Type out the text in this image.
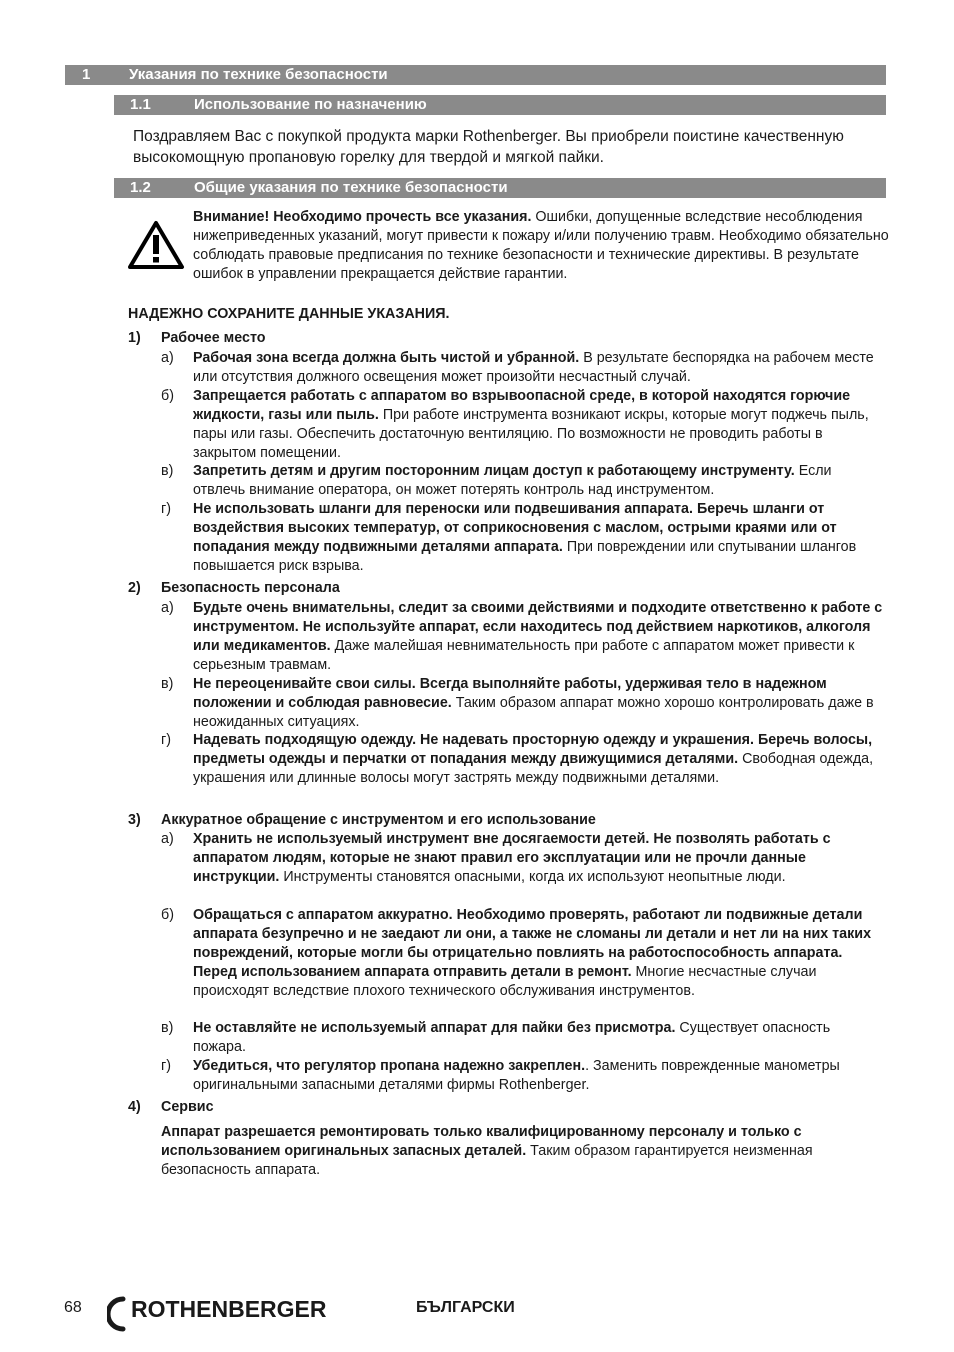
1	Указания по технике безопасности
1.1	Использование по назначению
Поздравляем Вас с покупкой продукта марки Rothenberger. Вы приобрели поистине качественную высокомощную пропановую горелку для твердой и мягкой пайки.
1.2	Общие указания по технике безопасности
Внимание! Необходимо прочесть все указания. Ошибки, допущенные вследствие несоблюдения нижеприведенных указаний, могут привести к пожару и/или получению травм. Необходимо обязательно соблюдать правовые предписания по технике безопасности и технические директивы. В результате ошибок в управлении прекращается действие гарантии.
НАДЕЖНО СОХРАНИТЕ ДАННЫЕ УКАЗАНИЯ.
1) Рабочее место
а) Рабочая зона всегда должна быть чистой и убранной. В результате беспорядка на рабочем месте или отсутствия должного освещения может произойти несчастный случай.
б) Запрещается работать с аппаратом во взрывоопасной среде, в которой находятся горючие жидкости, газы или пыль. При работе инструмента возникают искры, которые могут поджечь пыль, пары или газы. Обеспечить достаточную вентиляцию. По возможности не проводить работы в закрытом помещении.
в) Запретить детям и другим посторонним лицам доступ к работающему инструменту. Если отвлечь внимание оператора, он может потерять контроль над инструментом.
г) Не использовать шланги для переноски или подвешивания аппарата. Беречь шланги от воздействия высоких температур, от соприкосновения с маслом, острыми краями или от попадания между подвижными деталями аппарата. При повреждении или спутывании шлангов повышается риск взрыва.
2) Безопасность персонала
а) Будьте очень внимательны, следит за своими действиями и подходите ответственно к работе с инструментом. Не используйте аппарат, если находитесь под действием наркотиков, алкоголя или медикаментов. Даже малейшая невнимательность при работе с аппаратом может привести к серьезным травмам.
в) Не переоценивайте свои силы. Всегда выполняйте работы, удерживая тело в надежном положении и соблюдая равновесие. Таким образом аппарат можно хорошо контролировать даже в неожиданных ситуациях.
г) Надевать подходящую одежду. Не надевать просторную одежду и украшения. Беречь волосы, предметы одежды и перчатки от попадания между движущимися деталями. Свободная одежда, украшения или длинные волосы могут застрять между подвижными деталями.
3) Аккуратное обращение с инструментом и его использование
а) Хранить не используемый инструмент вне досягаемости детей. Не позволять работать с аппаратом людям, которые не знают правил его эксплуатации или не прочли данные инструкции. Инструменты становятся опасными, когда их используют неопытные люди.
б) Обращаться с аппаратом аккуратно. Необходимо проверять, работают ли подвижные детали аппарата безупречно и не заедают ли они, а также не сломаны ли детали и нет ли на них таких повреждений, которые могли бы отрицательно повлиять на работоспособность аппарата. Перед использованием аппарата отправить детали в ремонт. Многие несчастные случаи происходят вследствие плохого технического обслуживания инструментов.
в) Не оставляйте не используемый аппарат для пайки без присмотра. Существует опасность пожара.
г) Убедиться, что регулятор пропана надежно закреплен.. Заменить поврежденные манометры оригинальными запасными деталями фирмы Rothenberger.
4) Сервис
Аппарат разрешается ремонтировать только квалифицированному персоналу и только с использованием оригинальных запасных деталей. Таким образом гарантируется неизменная безопасность аппарата.
68 ROTHENBERGER	БЪЛГАРСКИ
